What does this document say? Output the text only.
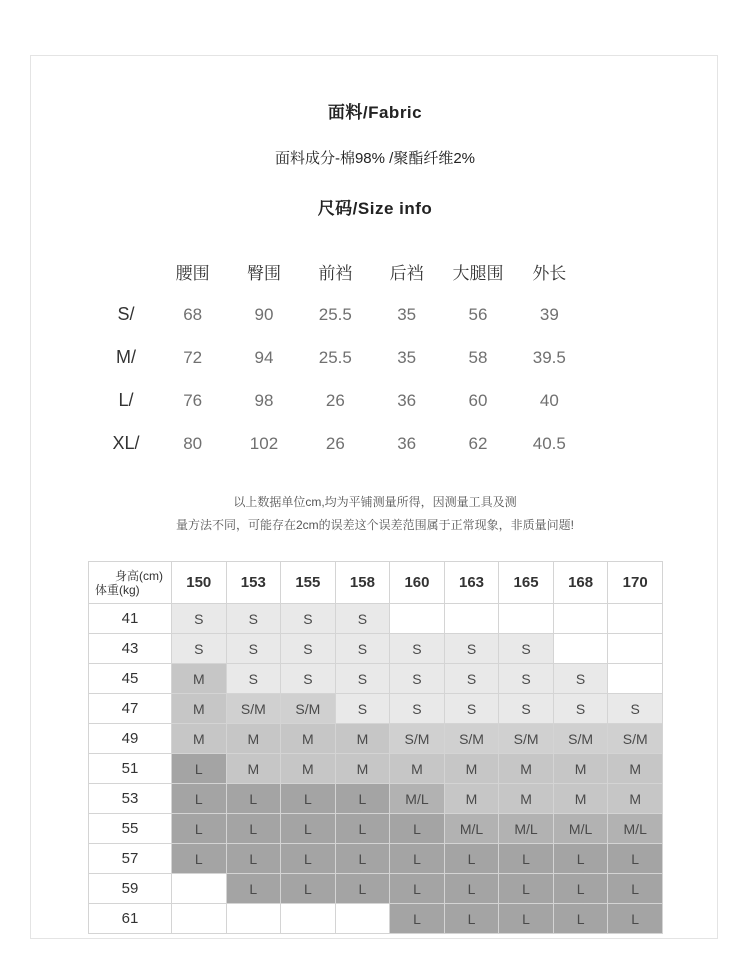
面料/Fabric

面料成分-棉98% /聚酯纤维2%

尺码/Size info
	腰围	臀围	前裆	后裆	大腿围	外长
S/	68	90	25.5	35	56	39
M/	72	94	25.5	35	58	39.5
L/	76	98	26	36	60	40
XL/	80	102	26	36	62	40.5

以上数据单位cm,均为平铺测量所得，因测量工具及测

量方法不同，可能存在2cm的误差这个误差范围属于正常现象，非质量问题!

身高(cm)
体重(kg)	150	153	155	158	160	163	165	168	170
41	S	S	S	S					
43	S	S	S	S	S	S	S		
45	M	S	S	S	S	S	S	S	
47	M	S/M	S/M	S	S	S	S	S	S
49	M	M	M	M	S/M	S/M	S/M	S/M	S/M
51	L	M	M	M	M	M	M	M	M
53	L	L	L	L	M/L	M	M	M	M
55	L	L	L	L	L	M/L	M/L	M/L	M/L
57	L	L	L	L	L	L	L	L	L
59		L	L	L	L	L	L	L	L
61					L	L	L	L	L
